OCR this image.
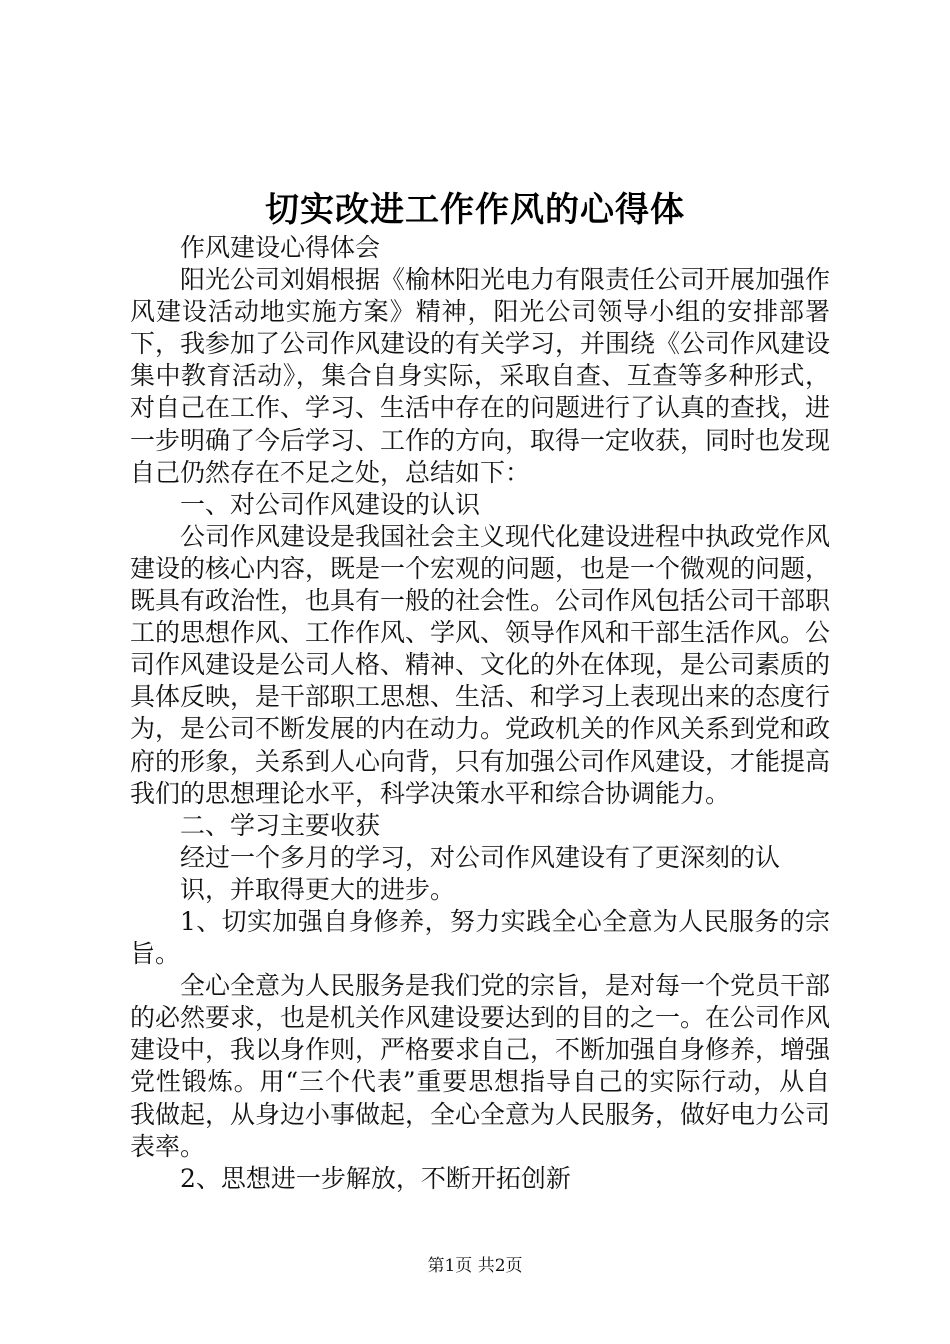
切实改进工作作风的心得体

作风建设心得体会

阳光公司刘娟根据《榆林阳光电力有限责任公司开展加强作风建设活动地实施方案》精神，阳光公司领导小组的安排部署下，我参加了公司作风建设的有关学习，并围绕《公司作风建设集中教育活动》，集合自身实际，采取自查、互查等多种形式，对自己在工作、学习、生活中存在的问题进行了认真的查找，进一步明确了今后学习、工作的方向，取得一定收获，同时也发现自己仍然存在不足之处，总结如下：

一、对公司作风建设的认识

公司作风建设是我国社会主义现代化建设进程中执政党作风建设的核心内容，既是一个宏观的问题，也是一个微观的问题，既具有政治性，也具有一般的社会性。公司作风包括公司干部职工的思想作风、工作作风、学风、领导作风和干部生活作风。公司作风建设是公司人格、精神、文化的外在体现，是公司素质的具体反映，是干部职工思想、生活、和学习上表现出来的态度行为，是公司不断发展的内在动力。党政机关的作风关系到党和政府的形象，关系到人心向背，只有加强公司作风建设，才能提高我们的思想理论水平，科学决策水平和综合协调能力。

二、学习主要收获

经过一个多月的学习，对公司作风建设有了更深刻的认

识，并取得更大的进步。

1、切实加强自身修养，努力实践全心全意为人民服务的宗旨。

全心全意为人民服务是我们党的宗旨，是对每一个党员干部的必然要求，也是机关作风建设要达到的目的之一。在公司作风建设中，我以身作则，严格要求自己，不断加强自身修养，增强党性锻炼。用“三个代表”重要思想指导自己的实际行动，从自我做起，从身边小事做起，全心全意为人民服务，做好电力公司表率。

2、思想进一步解放，不断开拓创新

第1页 共2页
